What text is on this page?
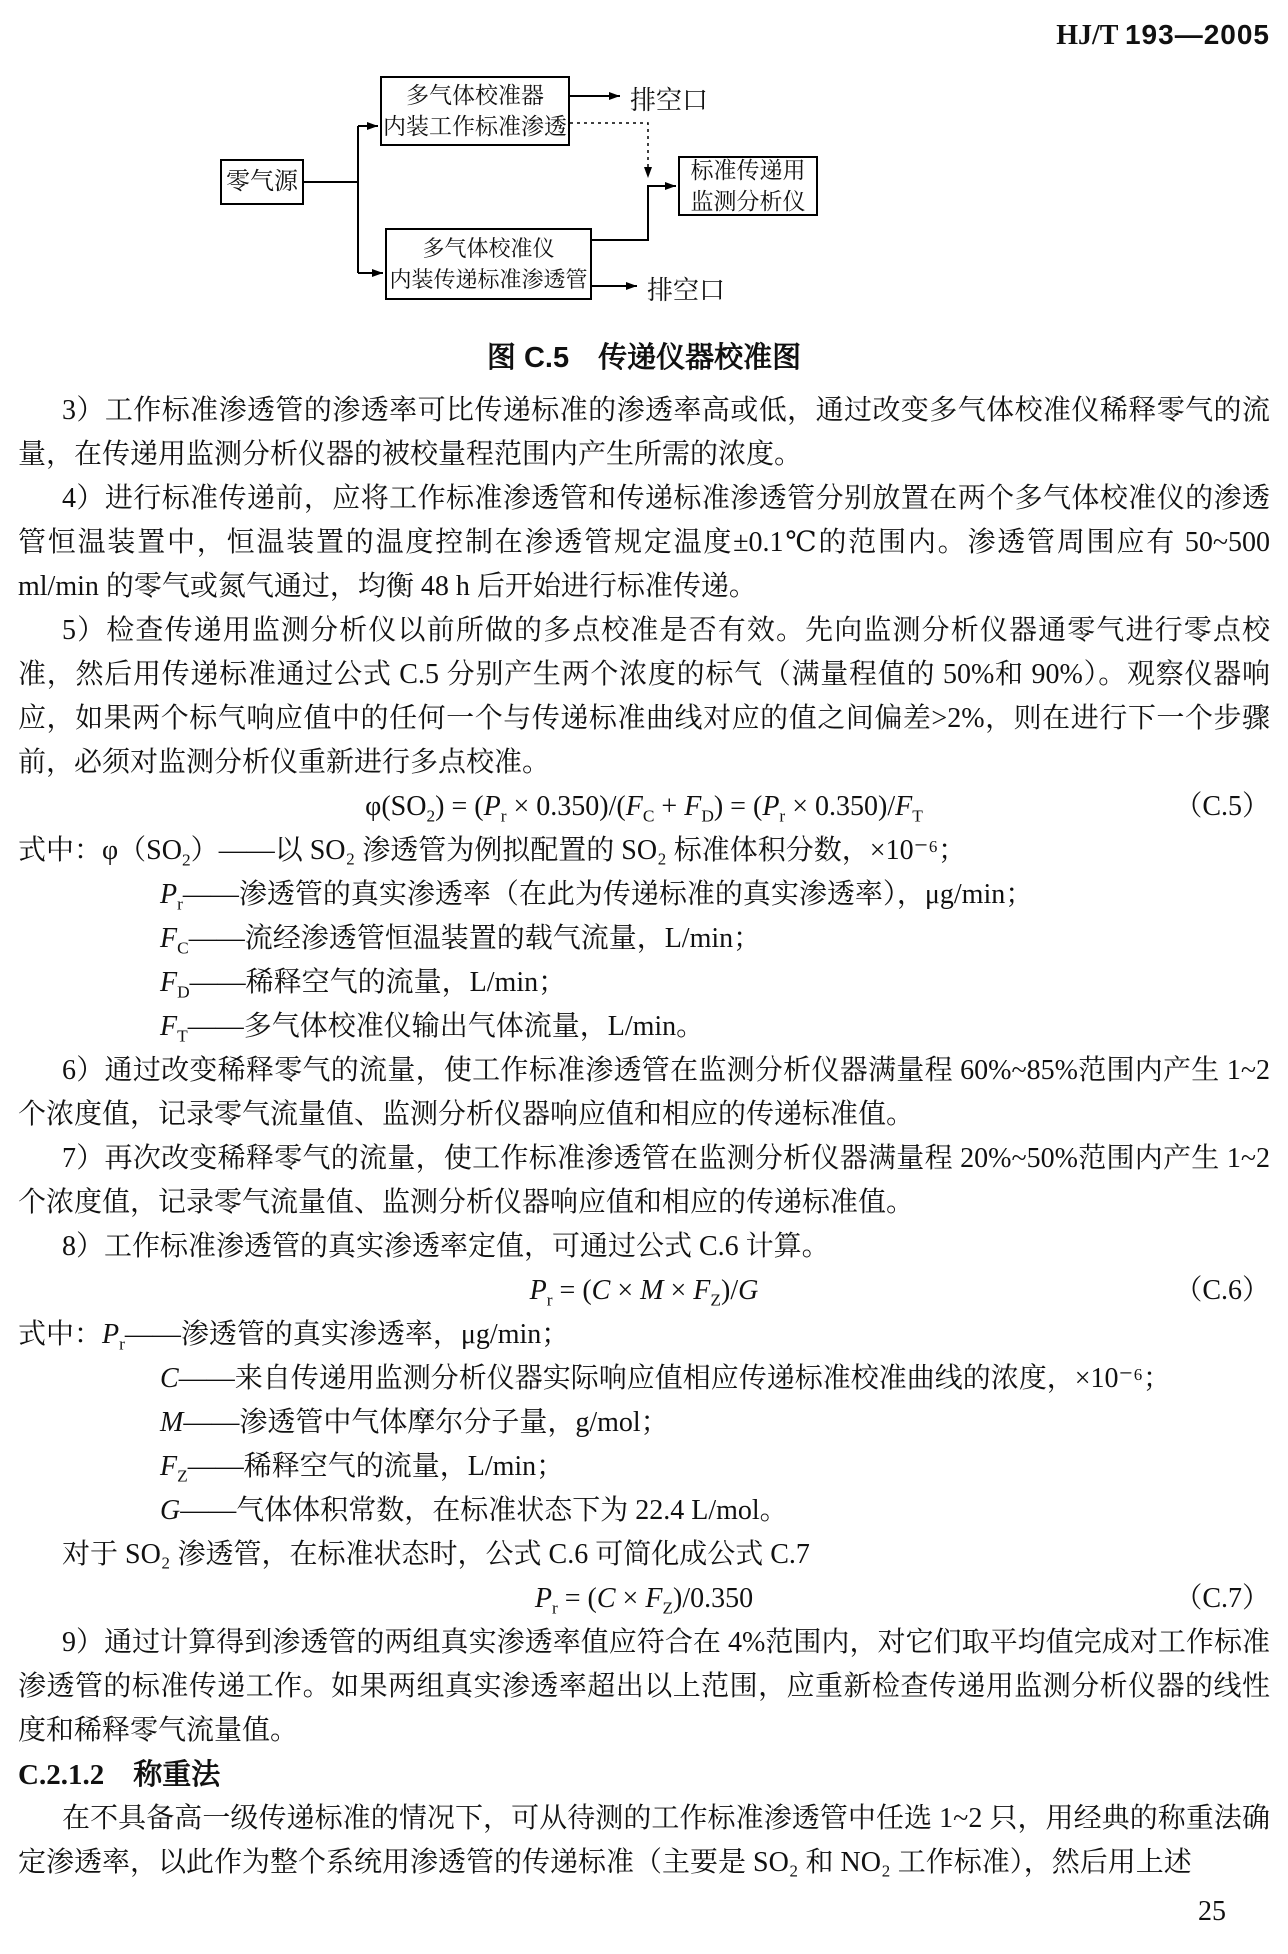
HJ/T 193—2005
零气源
多气体校准器
内装工作标准渗透
多气体校准仪
内装传递标准渗透管
标准传递用
监测分析仪
排空口
排空口
图 C.5　传递仪器校准图

3）工作标准渗透管的渗透率可比传递标准的渗透率高或低，通过改变多气体校准仪稀释零气的流量，在传递用监测分析仪器的被校量程范围内产生所需的浓度。

4）进行标准传递前，应将工作标准渗透管和传递标准渗透管分别放置在两个多气体校准仪的渗透管恒温装置中，恒温装置的温度控制在渗透管规定温度±0.1℃的范围内。渗透管周围应有 50~500 ml/min 的零气或氮气通过，均衡 48 h 后开始进行标准传递。

5）检查传递用监测分析仪以前所做的多点校准是否有效。先向监测分析仪器通零气进行零点校准，然后用传递标准通过公式 C.5 分别产生两个浓度的标气（满量程值的 50%和 90%）。观察仪器响应，如果两个标气响应值中的任何一个与传递标准曲线对应的值之间偏差>2%，则在进行下一个步骤前，必须对监测分析仪重新进行多点校准。

$\varphi(SO_2) = (P_r \times 0.350)/(F_C + F_D) = (P_r \times 0.350)/F_T$	（C.5）
式中：$\varphi(SO_2)——$以 SO₂ 渗透管为例拟配置的 SO₂ 标准体积分数，×10⁻⁶；
$P_r——$渗透管的真实渗透率（在此为传递标准的真实渗透率），μg/min；
$F_C——$流经渗透管恒温装置的载气流量，L/min；
$F_D——$稀释空气的流量，L/min；
$F_T——$多气体校准仪输出气体流量，L/min。

6）通过改变稀释零气的流量，使工作标准渗透管在监测分析仪器满量程 60%~85%范围内产生 1~2 个浓度值，记录零气流量值、监测分析仪器响应值和相应的传递标准值。

7）再次改变稀释零气的流量，使工作标准渗透管在监测分析仪器满量程 20%~50%范围内产生 1~2 个浓度值，记录零气流量值、监测分析仪器响应值和相应的传递标准值。

8）工作标准渗透管的真实渗透率定值，可通过公式 C.6 计算。

$P_r = (C \times M \times F_Z)/G$	（C.6）
式中：$P_r——$渗透管的真实渗透率，μg/min；
C——来自传递用监测分析仪器实际响应值相应传递标准校准曲线的浓度，×10⁻⁶；
M——渗透管中气体摩尔分子量，g/mol；
$F_Z——$稀释空气的流量，L/min；
G——气体体积常数，在标准状态下为 22.4 L/mol。

对于 SO₂ 渗透管，在标准状态时，公式 C.6 可简化成公式 C.7

$P_r = (C \times F_Z)/0.350$	（C.7）

9）通过计算得到渗透管的两组真实渗透率值应符合在 4%范围内，对它们取平均值完成对工作标准渗透管的标准传递工作。如果两组真实渗透率超出以上范围，应重新检查传递用监测分析仪器的线性度和稀释零气流量值。

C.2.1.2　称重法

在不具备高一级传递标准的情况下，可从待测的工作标准渗透管中任选 1~2 只，用经典的称重法确定渗透率，以此作为整个系统用渗透管的传递标准（主要是 SO₂ 和 NO₂ 工作标准），然后用上述

25
